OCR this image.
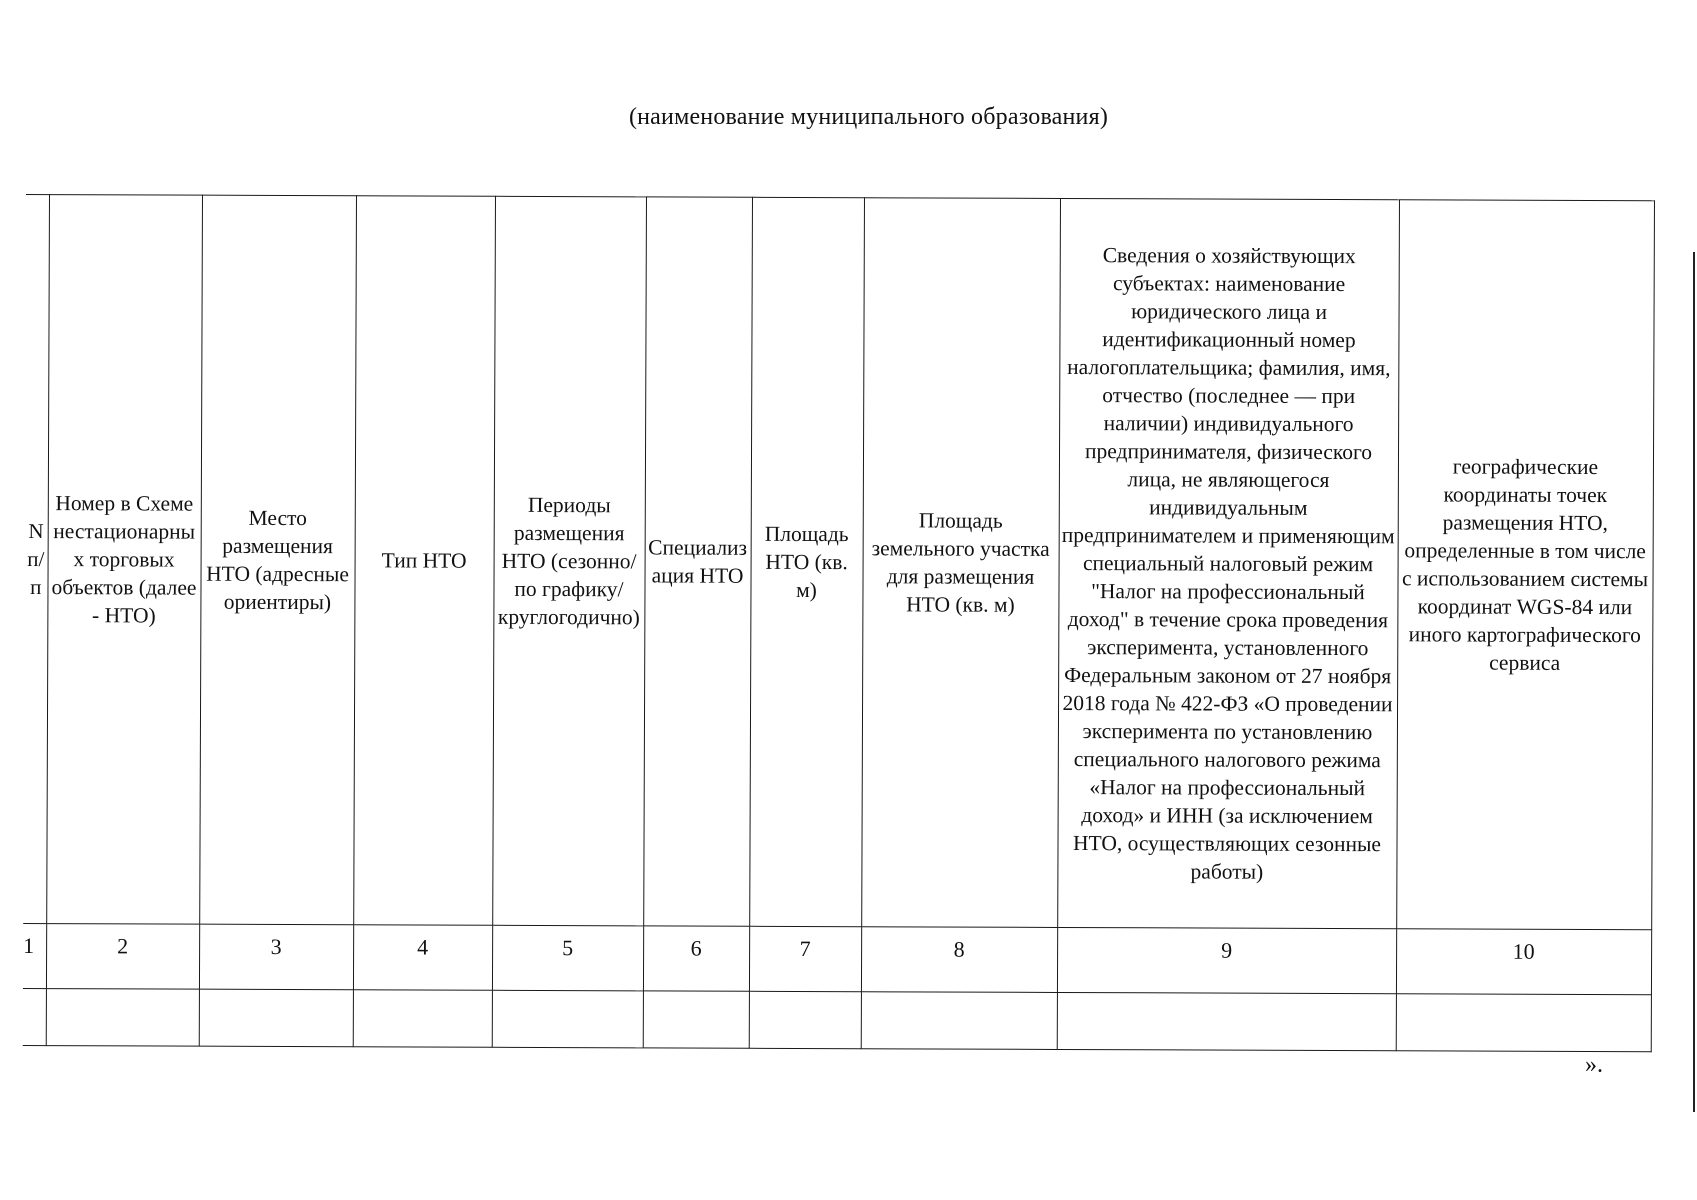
(наименование муниципального образования)
N п/п	Номер в Схеме нестационарных торговых объектов (далее - НТО)	Место размещения НТО (адресные ориентиры)	Тип НТО	Периоды размещения НТО (сезонно/по графику/круглогодично)	Специализация НТО	Площадь НТО (кв. м)	Площадь земельного участка для размещения НТО (кв. м)	Сведения о хозяйствующих субъектах: наименование юридического лица и идентификационный номер налогоплательщика; фамилия, имя, отчество (последнее — при наличии) индивидуального предпринимателя, физического лица, не являющегося индивидуальным предпринимателем и применяющим специальный налоговый режим "Налог на профессиональный доход" в течение срока проведения эксперимента, установленного Федеральным законом от 27 ноября 2018 года № 422-ФЗ «О проведении эксперимента по установлению специального налогового режима «Налог на профессиональный доход» и ИНН (за исключением НТО, осуществляющих сезонные работы)	географические координаты точек размещения НТО, определенные в том числе с использованием системы координат WGS-84 или иного картографического сервиса
1	2	3	4	5	6	7	8	9	10

».
